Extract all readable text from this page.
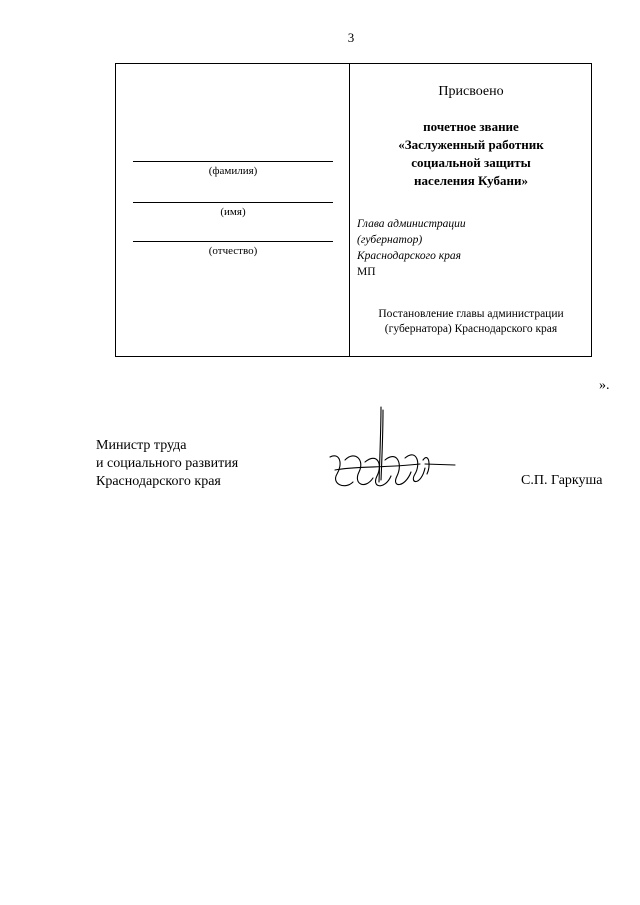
3
(фамилия)
(имя)
(отчество)
Присвоено
почетное звание
«Заслуженный работник
социальной защиты
населения Кубани»
Глава администрации
(губернатор)
Краснодарского края
МП
Постановление главы администрации
(губернатора) Краснодарского края
».
Министр труда
и социального развития
Краснодарского края	С.П. Гаркуша
